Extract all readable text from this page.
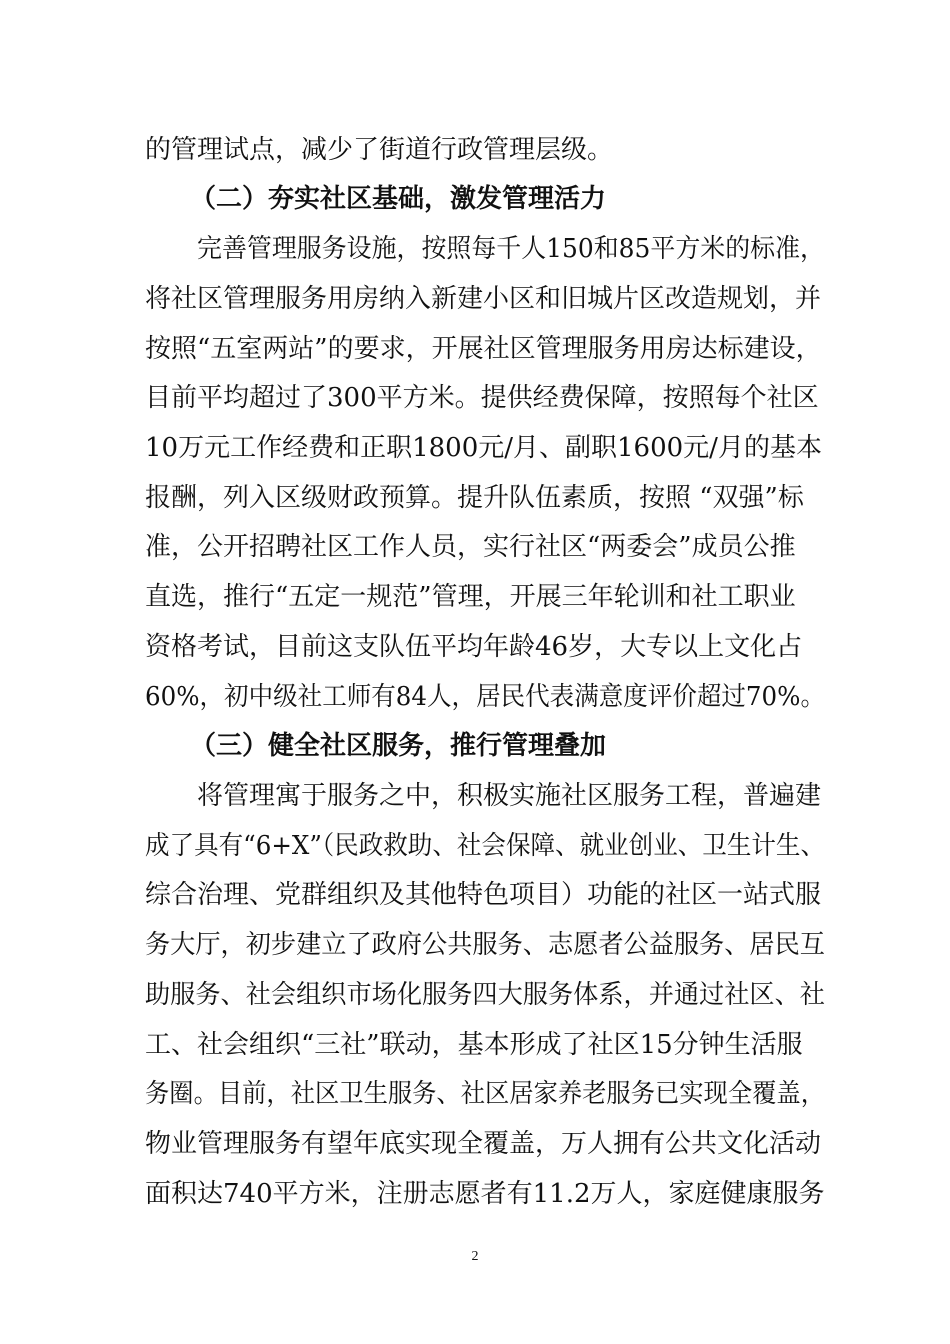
的管理试点，减少了街道行政管理层级。
（二）夯实社区基础，激发管理活力
完善管理服务设施，按照每千人150和85平方米的标准，
将社区管理服务用房纳入新建小区和旧城片区改造规划，并
按照“五室两站”的要求，开展社区管理服务用房达标建设，
目前平均超过了300平方米。提供经费保障，按照每个社区
10万元工作经费和正职1800元/月、副职1600元/月的基本
报酬，列入区级财政预算。提升队伍素质，按照 “双强”标
准，公开招聘社区工作人员，实行社区“两委会”成员公推
直选，推行“五定一规范”管理，开展三年轮训和社工职业
资格考试，目前这支队伍平均年龄46岁，大专以上文化占
60%，初中级社工师有84人，居民代表满意度评价超过70%。
（三）健全社区服务，推行管理叠加
将管理寓于服务之中，积极实施社区服务工程，普遍建
成了具有“6+X”（民政救助、社会保障、就业创业、卫生计生、
综合治理、党群组织及其他特色项目）功能的社区一站式服
务大厅，初步建立了政府公共服务、志愿者公益服务、居民互
助服务、社会组织市场化服务四大服务体系，并通过社区、社
工、社会组织“三社”联动，基本形成了社区15分钟生活服
务圈。目前，社区卫生服务、社区居家养老服务已实现全覆盖，
物业管理服务有望年底实现全覆盖，万人拥有公共文化活动
面积达740平方米，注册志愿者有11.2万人，家庭健康服务
2
